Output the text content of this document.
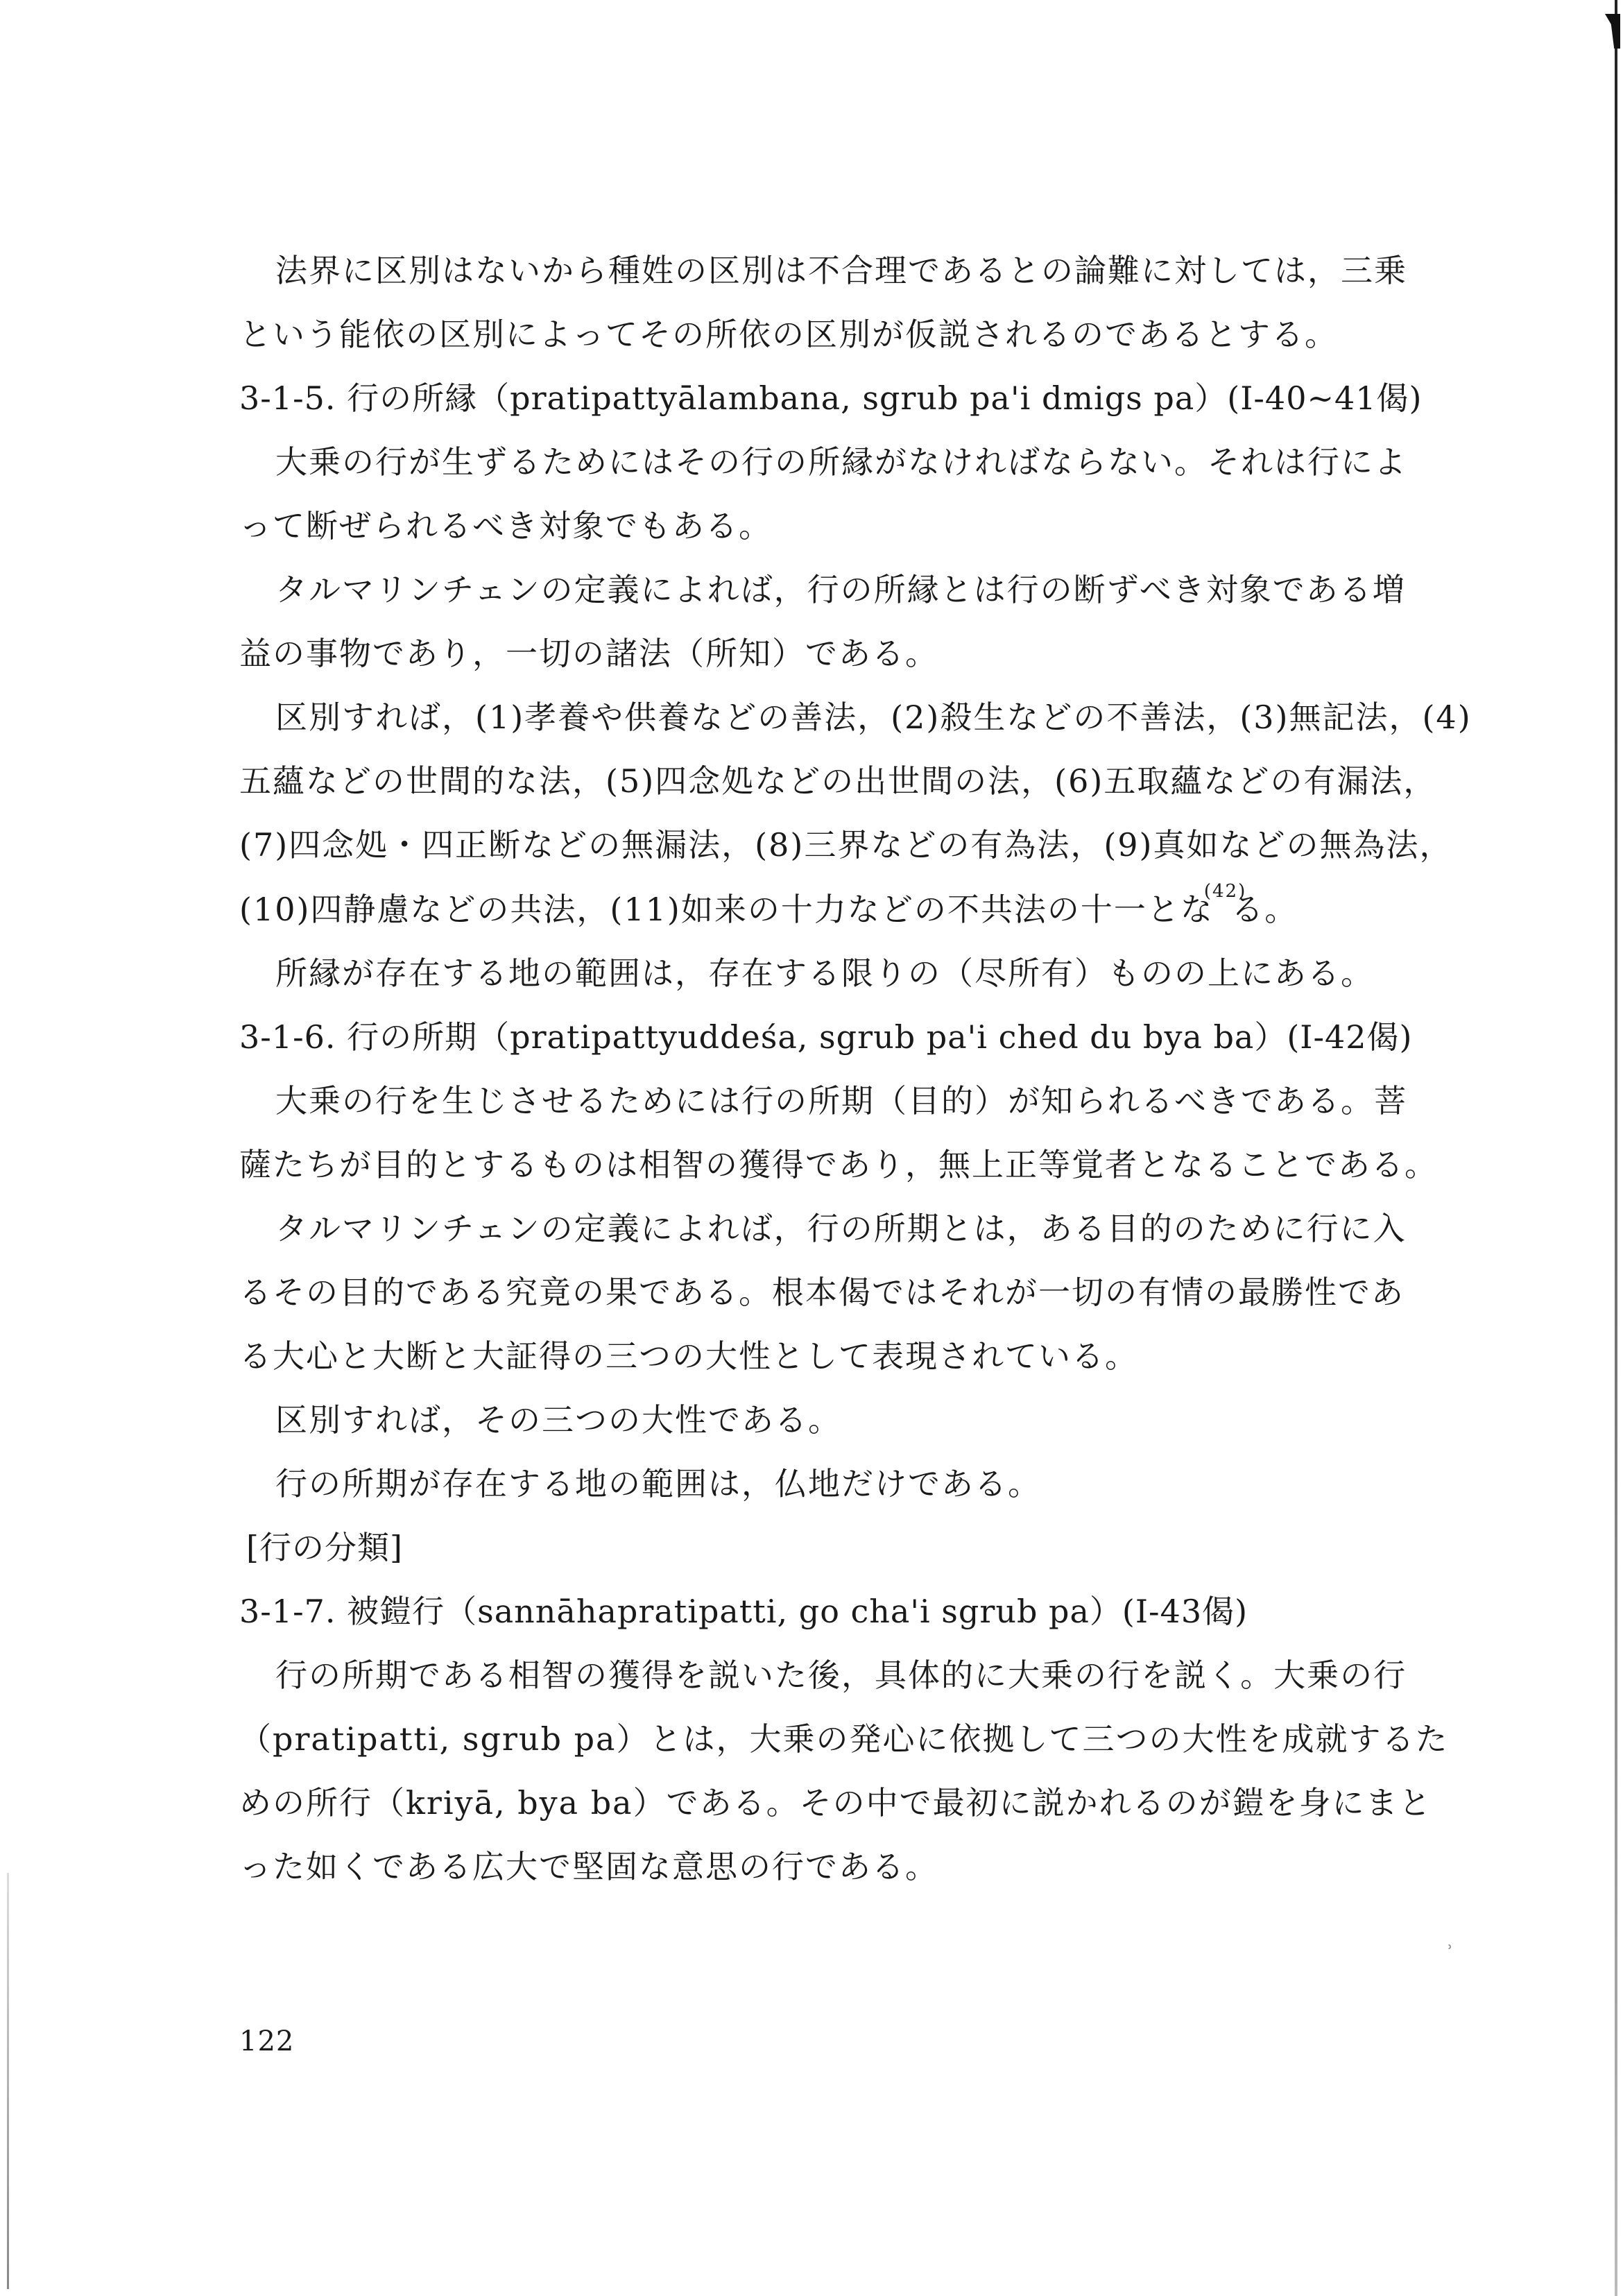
法界に区別はないから種姓の区別は不合理であるとの論難に対しては，三乗

という能依の区別によってその所依の区別が仮説されるのであるとする。

3-1-5. 行の所縁（pratipattyālambana, sgrub pa'i dmigs pa）(I-40~41偈)

大乗の行が生ずるためにはその行の所縁がなければならない。それは行によ

って断ぜられるべき対象でもある。

タルマリンチェンの定義によれば，行の所縁とは行の断ずべき対象である増

益の事物であり，一切の諸法（所知）である。

区別すれば，(1)孝養や供養などの善法，(2)殺生などの不善法，(3)無記法，(4)

五蘊などの世間的な法，(5)四念処などの出世間の法，(6)五取蘊などの有漏法，

(7)四念処・四正断などの無漏法，(8)三界などの有為法，(9)真如などの無為法，

(10)四静慮などの共法，(11)如来の十力などの不共法の十一とな$^{(42)}$る。

所縁が存在する地の範囲は，存在する限りの（尽所有）ものの上にある。

3-1-6. 行の所期（pratipattyuddeśa, sgrub pa'i ched du bya ba）(I-42偈)

大乗の行を生じさせるためには行の所期（目的）が知られるべきである。菩

薩たちが目的とするものは相智の獲得であり，無上正等覚者となることである。

タルマリンチェンの定義によれば，行の所期とは，ある目的のために行に入

るその目的である究竟の果である。根本偈ではそれが一切の有情の最勝性であ

る大心と大断と大証得の三つの大性として表現されている。

区別すれば，その三つの大性である。

行の所期が存在する地の範囲は，仏地だけである。

[行の分類]

3-1-7. 被鎧行（sannāhapratipatti, go cha'i sgrub pa）(I-43偈)

行の所期である相智の獲得を説いた後，具体的に大乗の行を説く。大乗の行

（pratipatti, sgrub pa）とは，大乗の発心に依拠して三つの大性を成就するた

めの所行（kriyā, bya ba）である。その中で最初に説かれるのが鎧を身にまと

った如くである広大で堅固な意思の行である。

122
ʾ
